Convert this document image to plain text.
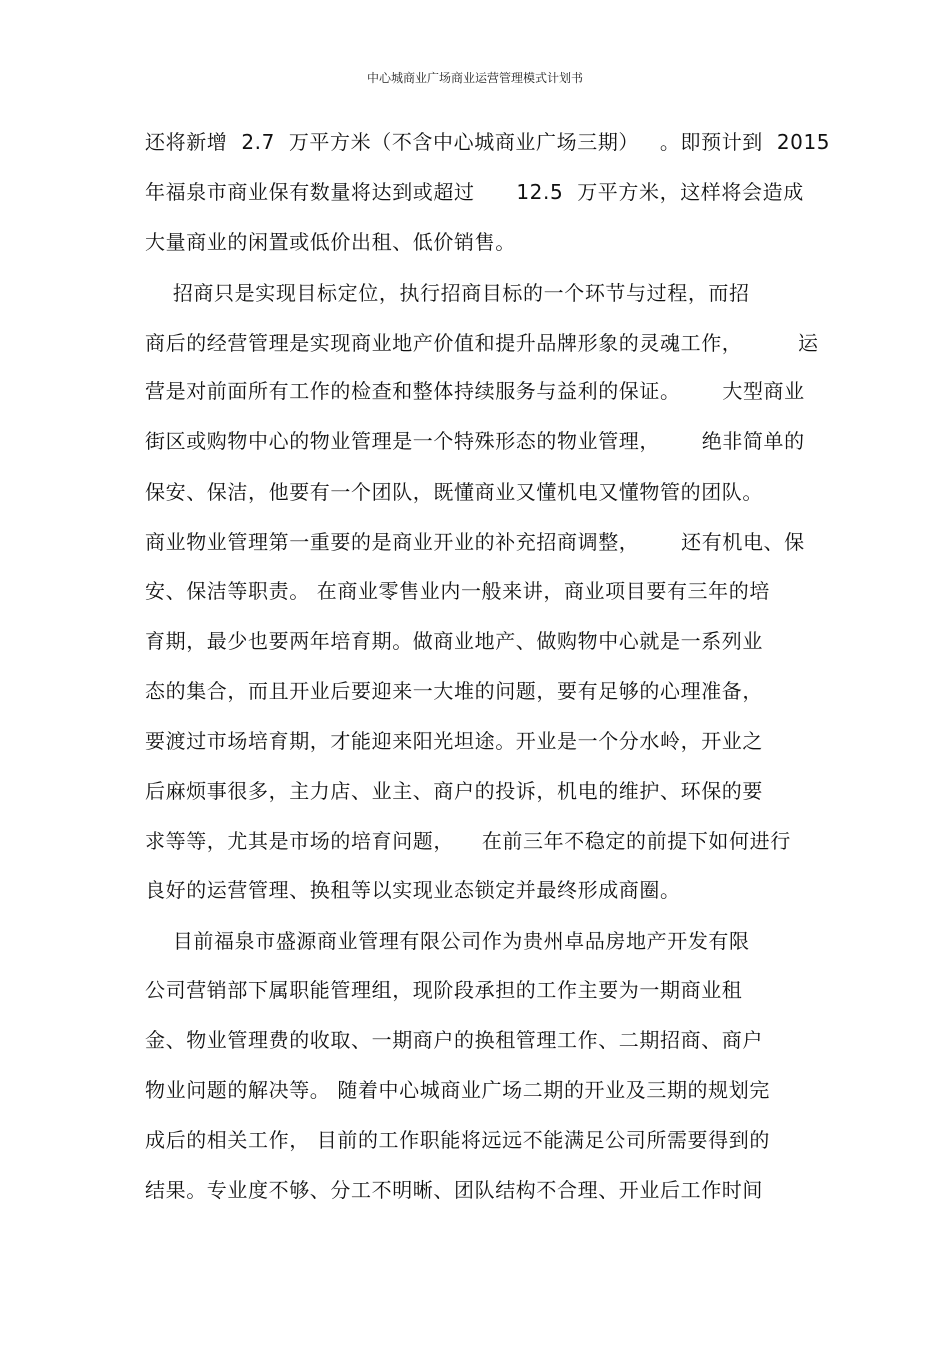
中心城商业广场商业运营管理模式计划书
还将新增  2.7  万平方米（不含中心城商业广场三期）   。即预计到  2015
年福泉市商业保有数量将达到或超过      12.5  万平方米，这样将会造成
大量商业的闲置或低价出租、低价销售。
招商只是实现目标定位，执行招商目标的一个环节与过程，而招
商后的经营管理是实现商业地产价值和提升品牌形象的灵魂工作，        运
营是对前面所有工作的检查和整体持续服务与益利的保证。      大型商业
街区或购物中心的物业管理是一个特殊形态的物业管理，      绝非简单的
保安、保洁，他要有一个团队，既懂商业又懂机电又懂物管的团队。
商业物业管理第一重要的是商业开业的补充招商调整，      还有机电、保
安、保洁等职责。 在商业零售业内一般来讲，商业项目要有三年的培
育期，最少也要两年培育期。做商业地产、做购物中心就是一系列业
态的集合，而且开业后要迎来一大堆的问题，要有足够的心理准备，
要渡过市场培育期，才能迎来阳光坦途。开业是一个分水岭，开业之
后麻烦事很多，主力店、业主、商户的投诉，机电的维护、环保的要
求等等，尤其是市场的培育问题，    在前三年不稳定的前提下如何进行
良好的运营管理、换租等以实现业态锁定并最终形成商圈。
目前福泉市盛源商业管理有限公司作为贵州卓品房地产开发有限
公司营销部下属职能管理组，现阶段承担的工作主要为一期商业租
金、物业管理费的收取、一期商户的换租管理工作、二期招商、商户
物业问题的解决等。 随着中心城商业广场二期的开业及三期的规划完
成后的相关工作， 目前的工作职能将远远不能满足公司所需要得到的
结果。专业度不够、分工不明晰、团队结构不合理、开业后工作时间
